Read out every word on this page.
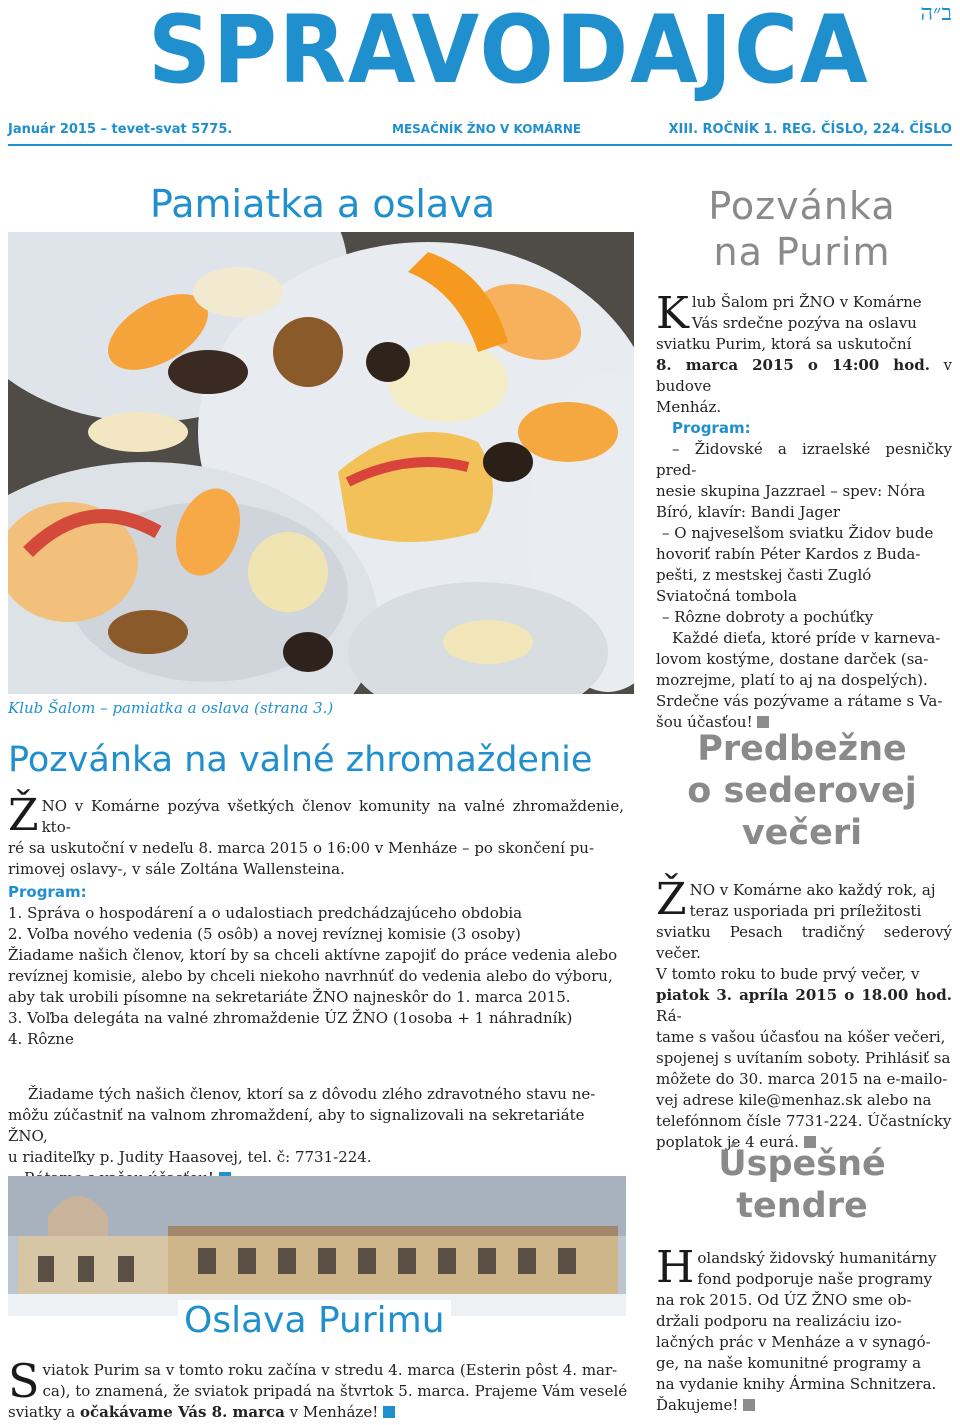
SPRAVODAJCA ב״ה
Január 2015 – tevet-svat 5775.	MESAČNÍK ŽNO V KOMÁRNE	XIII. ROČNÍK 1. REG. ČÍSLO, 224. ČÍSLO
Pamiatka a oslava
Klub Šalom – pamiatka a oslava (strana 3.)
Pozvánka na valné zhromaždenie
Ž NO v Komárne pozýva všetkých členov komunity na valné zhromaždenie, kto-
ré sa uskutoční v nedeľu 8. marca 2015 o 16:00 v Menháze – po skončení pu-
rimovej oslavy-, v sále Zoltána Wallensteina.
Program:
1. Správa o hospodárení a o udalostiach predchádzajúceho obdobia
2. Voľba nového vedenia (5 osôb) a novej revíznej komisie (3 osoby)
Žiadame našich členov, ktorí by sa chceli aktívne zapojiť do práce vedenia alebo
revíznej komisie, alebo by chceli niekoho navrhnúť do vedenia alebo do výboru,
aby tak urobili písomne na sekretariáte ŽNO najneskôr do 1. marca 2015.
3. Voľba delegáta na valné zhromaždenie ÚZ ŽNO (1osoba + 1 náhradník)
4. Rôzne
Žiadame tých našich členov, ktorí sa z dôvodu zlého zdravotného stavu ne-
môžu zúčastniť na valnom zhromaždení, aby to signalizovali na sekretariáte ŽNO,
u riaditeľky p. Judity Haasovej, tel. č: 7731-224.
Oslava Purimu
S viatok Purim sa v tomto roku začína v stredu 4. marca (Esterin pôst 4. mar-
ca), to znamená, že sviatok pripadá na štvrtok 5. marca. Prajeme Vám veselé
sviatky a očakávame Vás 8. marca v Menháze!
Pozvánka
na Purim
K lub Šalom pri ŽNO v Komárne
Vás srdečne pozýva na oslavu
sviatku Purim, ktorá sa uskutoční
8. marca 2015 o 14:00 hod. v budove
Menház.
Program:
– Židovské a izraelské pesničky pred-
nesie skupina Jazzrael – spev: Nóra
Bíró, klavír: Bandi Jager
– O najveselšom sviatku Židov bude
hovoriť rabín Péter Kardos z Buda-
pešti, z mestskej časti Zugló
Sviatočná tombola
– Rôzne dobroty a pochúťky
Každé dieťa, ktoré príde v karneva-
lovom kostýme, dostane darček (sa-
mozrejme, platí to aj na dospelých).
Srdečne vás pozývame a rátame s Va-
šou účasťou!
Predbežne
o sederovej
večeri
Ž NO v Komárne ako každý rok, aj
teraz usporiada pri príležitosti
sviatku Pesach tradičný sederový večer.
V tomto roku to bude prvý večer, v
piatok 3. apríla 2015 o 18.00 hod. Rá-
tame s vašou účasťou na kóšer večeri,
spojenej s uvítaním soboty. Prihlásiť sa
môžete do 30. marca 2015 na e-mailo-
vej adrese kile@menhaz.sk alebo na
telefónnom čísle 7731-224. Účastnícky
poplatok je 4 eurá.
Úspešné
tendre
H olandský židovský humanitárny
fond podporuje naše programy
na rok 2015. Od ÚZ ŽNO sme ob-
držali podporu na realizáciu izo-
lačných prác v Menháze a v synagó-
ge, na naše komunitné programy a
na vydanie knihy Ármina Schnitzera.
Ďakujeme!
